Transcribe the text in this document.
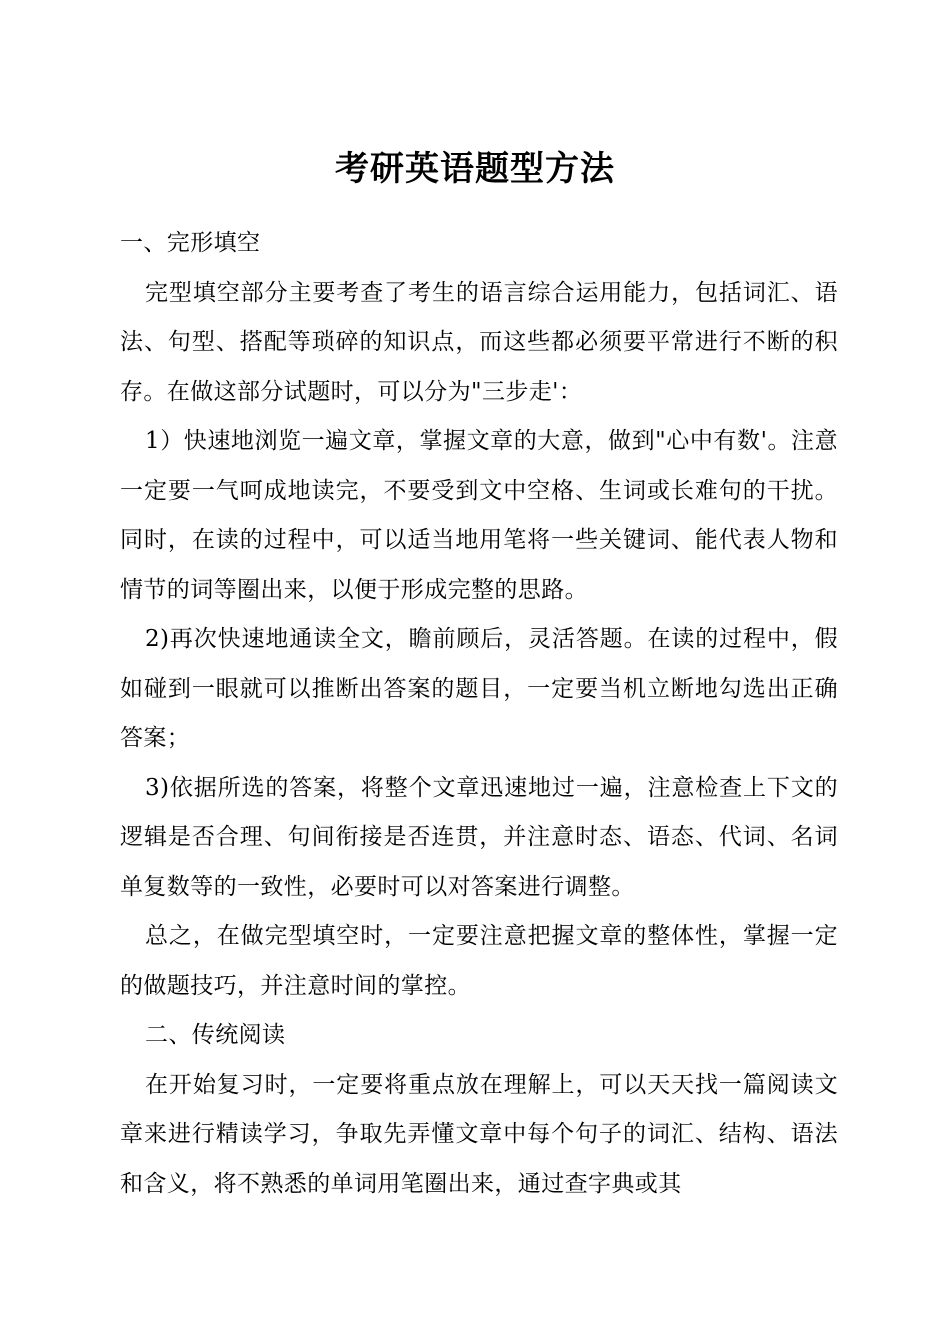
考研英语题型方法

一、完形填空

完型填空部分主要考查了考生的语言综合运用能力，包括词汇、语法、句型、搭配等琐碎的知识点，而这些都必须要平常进行不断的积存。在做这部分试题时，可以分为"三步走'：

1）快速地浏览一遍文章，掌握文章的大意，做到"心中有数'。注意一定要一气呵成地读完，不要受到文中空格、生词或长难句的干扰。同时，在读的过程中，可以适当地用笔将一些关键词、能代表人物和情节的词等圈出来，以便于形成完整的思路。

2)再次快速地通读全文，瞻前顾后，灵活答题。在读的过程中，假如碰到一眼就可以推断出答案的题目，一定要当机立断地勾选出正确答案；

3)依据所选的答案，将整个文章迅速地过一遍，注意检查上下文的逻辑是否合理、句间衔接是否连贯，并注意时态、语态、代词、名词单复数等的一致性，必要时可以对答案进行调整。

总之，在做完型填空时，一定要注意把握文章的整体性，掌握一定的做题技巧，并注意时间的掌控。

二、传统阅读

在开始复习时，一定要将重点放在理解上，可以天天找一篇阅读文章来进行精读学习，争取先弄懂文章中每个句子的词汇、结构、语法和含义，将不熟悉的单词用笔圈出来，通过查字典或其
